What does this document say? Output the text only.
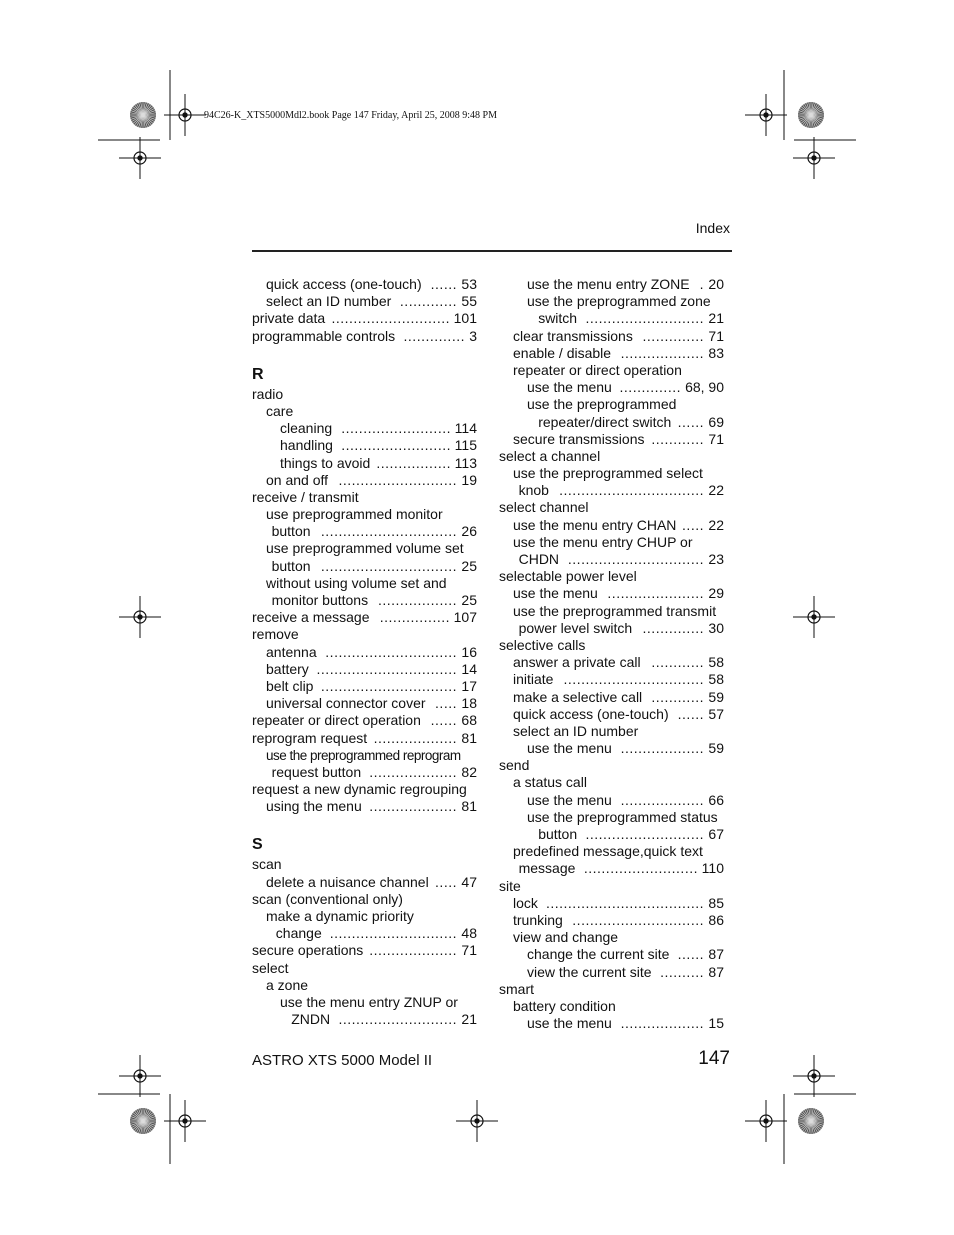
94C26-K_XTS5000Mdl2.book Page 147 Friday, April 25, 2008 9:48 PM
Index
quick access (one-touch)	53
......
select an ID number	55
.............
private data	101
...........................
programmable controls	3
..............
R
radio
care
cleaning	114
.........................
handling	115
.........................
things to avoid	113
.................
on and off	19
...........................
receive / transmit
use preprogrammed monitor
button	26
...............................
use preprogrammed volume set
button	25
...............................
without using volume set and
monitor buttons	25
..................
receive a message	107
................
remove
antenna	16
..............................
battery	14
................................
belt clip	17
...............................
universal connector cover	18
.....
repeater or direct operation	68
......
reprogram request	81
...................
use the preprogrammed reprogram
request button	82
....................
request a new dynamic regrouping
using the menu	81
....................
S
scan
delete a nuisance channel 47
.....
scan (conventional only)
make a dynamic priority
change	48
.............................
secure operations	71
....................
select
a zone
use the menu entry ZNUP or
ZNDN	21
...........................
use the menu entry ZONE 20
.
use the preprogrammed zone
switch	21
...........................
clear transmissions	71
..............
enable / disable	83
...................
repeater or direct operation
use the menu	68, 90
..............
use the preprogrammed
repeater/direct switch	69
......
secure transmissions	71
............
select a channel
use the preprogrammed select
knob	22
.................................
select channel
use the menu entry CHAN 22
.....
use the menu entry CHUP or
CHDN	23
...............................
selectable power level
use the menu	29
......................
use the preprogrammed transmit
power level switch	30
..............
selective calls
answer a private call	58
............
initiate	58
................................
make a selective call	59
............
quick access (one-touch)	57
......
select an ID number
use the menu	59
...................
send
a status call
use the menu	66
...................
use the preprogrammed status
button	67
...........................
predefined message,quick text
message	110
..........................
site
lock	85
....................................
trunking	86
..............................
view and change
change the current site	87
......
view the current site	87
..........
smart
battery condition
use the menu	15
...................
ASTRO XTS 5000 Model II	147
